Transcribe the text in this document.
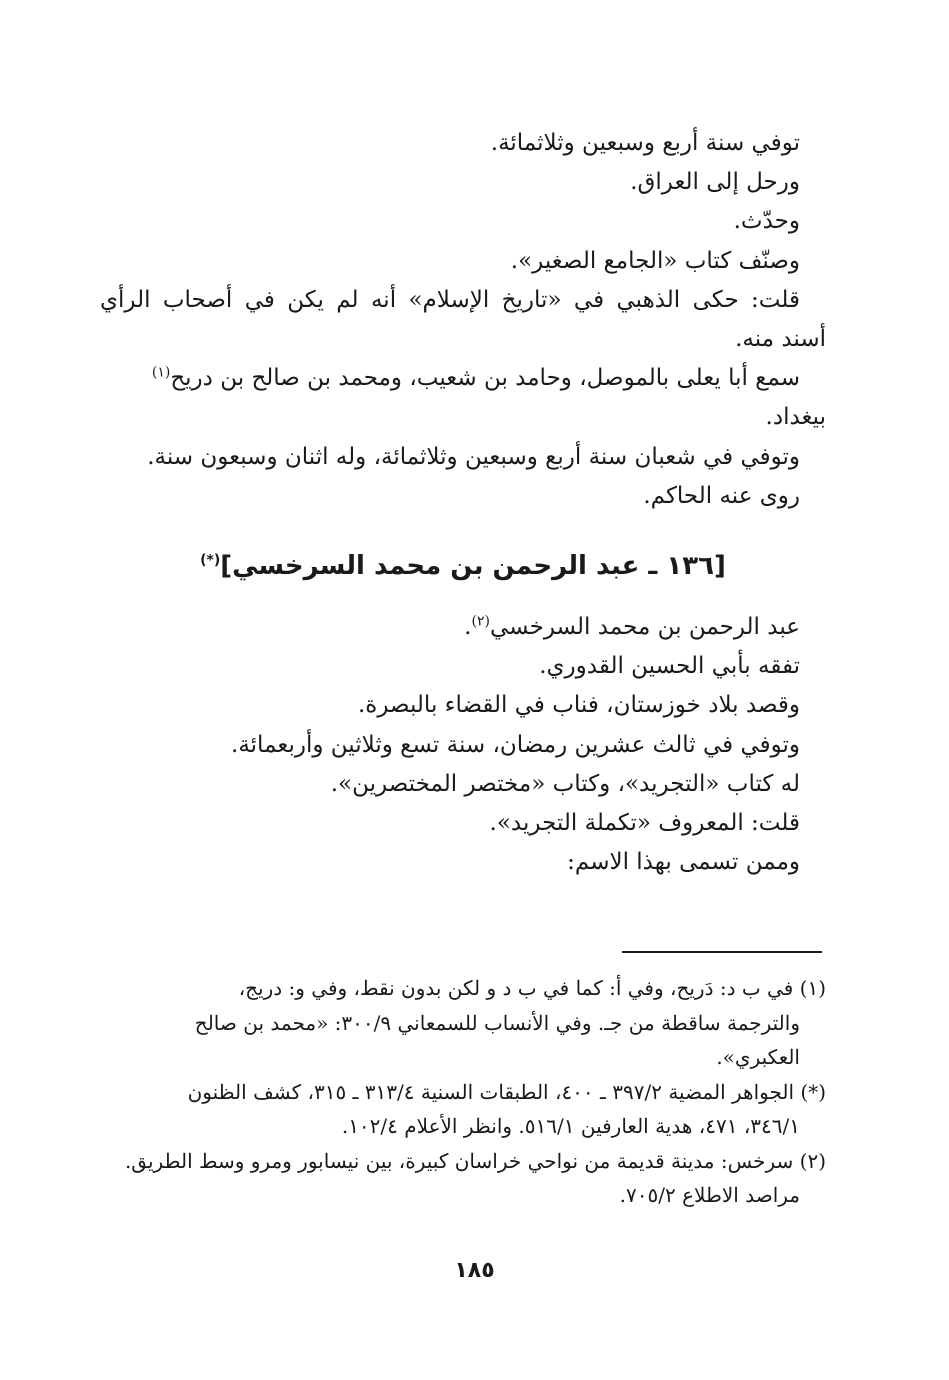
توفي سنة أربع وسبعين وثلاثمائة.
ورحل إلى العراق.
وحدّث.
وصنّف كتاب «الجامع الصغير».
قلت: حكى الذهبي في «تاريخ الإسلام» أنه لم يكن في أصحاب الرأي
أسند منه.
سمع أبا يعلى بالموصل، وحامد بن شعيب، ومحمد بن صالح بن دريح$^{(١)}$
بيغداد.
وتوفي في شعبان سنة أربع وسبعين وثلاثمائة، وله اثنان وسبعون سنة.
روى عنه الحاكم.
[١٣٦ ـ عبد الرحمن بن محمد السرخسي](*)
عبد الرحمن بن محمد السرخسي$^{(٢)}$.
تفقه بأبي الحسين القدوري.
وقصد بلاد خوزستان، فناب في القضاء بالبصرة.
وتوفي في ثالث عشرين رمضان، سنة تسع وثلاثين وأربعمائة.
له كتاب «التجريد»، وكتاب «مختصر المختصرين».
قلت: المعروف «تكملة التجريد».
وممن تسمى بهذا الاسم:
(١) في ب د: دَريح، وفي أ: كما في ب د و لكن بدون نقط، وفي و: دريج،
والترجمة ساقطة من جـ. وفي الأنساب للسمعاني ٣٠٠/٩: «محمد بن صالح
العكبري».
(*) الجواهر المضية ٣٩٧/٢ ـ ٤٠٠، الطبقات السنية ٣١٣/٤ ـ ٣١٥، كشف الظنون
٣٤٦/١، ٤٧١، هدية العارفين ٥١٦/١. وانظر الأعلام ١٠٢/٤.
(٢) سرخس: مدينة قديمة من نواحي خراسان كبيرة، بين نيسابور ومرو وسط الطريق.
مراصد الاطلاع ٧٠٥/٢.
١٨٥
